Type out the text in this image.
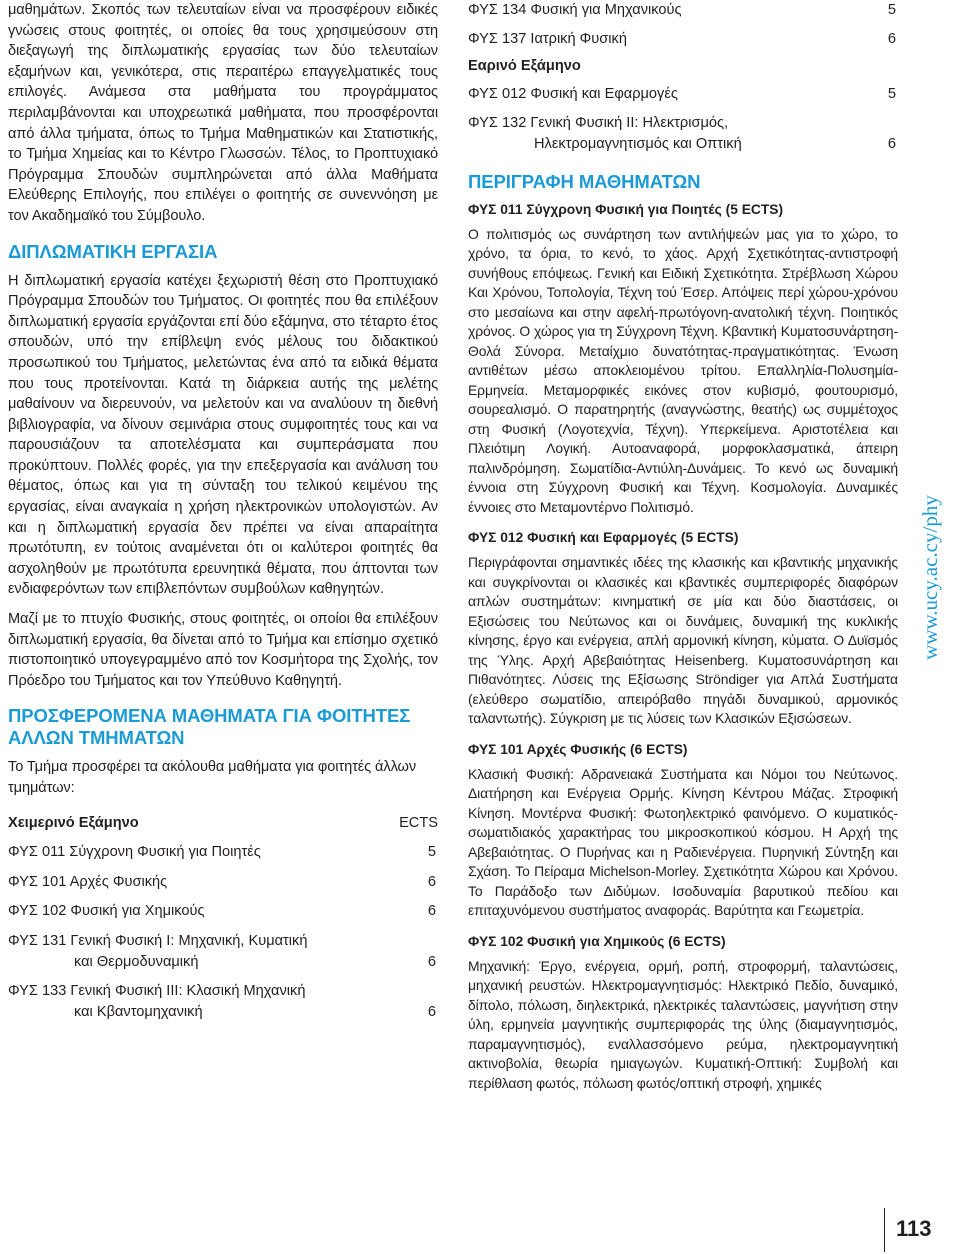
μαθημάτων. Σκοπός των τελευταίων είναι να προσφέρουν ειδικές γνώσεις στους φοιτητές, οι οποίες θα τους χρησιμεύσουν στη διεξαγωγή της διπλωματικής εργασίας των δύο τελευταίων εξαμήνων και, γενικότερα, στις περαιτέρω επαγγελματικές τους επιλογές. Ανάμεσα στα μαθήματα του προγράμματος περιλαμβάνονται και υποχρεωτικά μαθήματα, που προσφέρονται από άλλα τμήματα, όπως το Τμήμα Μαθηματικών και Στατιστικής, το Τμήμα Χημείας και το Κέντρο Γλωσσών. Τέλος, το Προπτυχιακό Πρόγραμμα Σπουδών συμπληρώνεται από άλλα Μαθήματα Ελεύθερης Επιλογής, που επιλέγει ο φοιτητής σε συνεννόηση με τον Ακαδημαϊκό του Σύμβουλο.

ΔΙΠΛΩΜΑΤΙΚΗ ΕΡΓΑΣΙΑ

Η διπλωματική εργασία κατέχει ξεχωριστή θέση στο Προπτυχιακό Πρόγραμμα Σπουδών του Τμήματος. Οι φοιτητές που θα επιλέξουν διπλωματική εργασία εργάζονται επί δύο εξάμηνα, στο τέταρτο έτος σπουδών, υπό την επίβλεψη ενός μέλους του διδακτικού προσωπικού του Τμήματος, μελετώντας ένα από τα ειδικά θέματα που τους προτείνονται. Κατά τη διάρκεια αυτής της μελέτης μαθαίνουν να διερευνούν, να μελετούν και να αναλύουν τη διεθνή βιβλιογραφία, να δίνουν σεμινάρια στους συμφοιτητές τους και να παρουσιάζουν τα αποτελέσματα και συμπεράσματα που προκύπτουν. Πολλές φορές, για την επεξεργασία και ανάλυση του θέματος, όπως και για τη σύνταξη του τελικού κειμένου της εργασίας, είναι αναγκαία η χρήση ηλεκτρονικών υπολογιστών. Αν και η διπλωματική εργασία δεν πρέπει να είναι απαραίτητα πρωτότυπη, εν τούτοις αναμένεται ότι οι καλύτεροι φοιτητές θα ασχοληθούν με πρωτότυπα ερευνητικά θέματα, που άπτονται των ενδιαφερόντων των επιβλεπόντων συμβούλων καθηγητών.

Μαζί με το πτυχίο Φυσικής, στους φοιτητές, οι οποίοι θα επιλέξουν διπλωματική εργασία, θα δίνεται από το Τμήμα και επίσημο σχετικό πιστοποιητικό υπογεγραμμένο από τον Κοσμήτορα της Σχολής, τον Πρόεδρο του Τμήματος και τον Υπεύθυνο Καθηγητή.

ΠΡΟΣΦΕΡΟΜΕΝΑ ΜΑΘΗΜΑΤΑ ΓΙΑ ΦΟΙΤΗΤΕΣ ΑΛΛΩΝ ΤΜΗΜΑΤΩΝ

Το Τμήμα προσφέρει τα ακόλουθα μαθήματα για φοιτητές άλλων τμημάτων:

Χειμερινό Εξάμηνο	ECTS
ΦΥΣ 011 Σύγχρονη Φυσική για Ποιητές	5
ΦΥΣ 101 Αρχές Φυσικής	6
ΦΥΣ 102 Φυσική για Χημικούς	6
ΦΥΣ 131 Γενική Φυσική Ι: Μηχανική, Κυματική
και Θερμοδυναμική	6
ΦΥΣ 133 Γενική Φυσική ΙΙΙ: Κλασική Μηχανική
και Κβαντομηχανική	6
ΦΥΣ 134 Φυσική για Μηχανικούς	5
ΦΥΣ 137 Ιατρική Φυσική	6
Εαρινό Εξάμηνο
ΦΥΣ 012 Φυσική και Εφαρμογές	5
ΦΥΣ 132 Γενική Φυσική ΙΙ: Ηλεκτρισμός,
Ηλεκτρομαγνητισμός και Οπτική	6
ΠΕΡΙΓΡΑΦΗ ΜΑΘΗΜΑΤΩΝ
ΦΥΣ 011 Σύγχρονη Φυσική για Ποιητές (5 ECTS)

Ο πολιτισμός ως συνάρτηση των αντιλήψεών μας για το χώρο, το χρόνο, τα όρια, το κενό, το χάος. Αρχή Σχετικότητας-αντιστροφή συνήθους επόψεως. Γενική και Ειδική Σχετικότητα. Στρέβλωση Χώρου Και Χρόνου, Τοπολογία, Τέχνη τού Έσερ. Απόψεις περί χώρου-χρόνου στο μεσαίωνα και στην αφελή-πρωτόγονη-ανατολική τέχνη. Ποιητικός χρόνος. Ο χώρος για τη Σύγχρονη Τέχνη. Κβαντική Κυματοσυνάρτηση-Θολά Σύνορα. Μεταίχμιο δυνατότητας-πραγματικότητας. Ένωση αντιθέτων μέσω αποκλειομένου τρίτου. Επαλληλία-Πολυσημία-Ερμηνεία. Μεταμορφικές εικόνες στον κυβισμό, φουτουρισμό, σουρεαλισμό. Ο παρατηρητής (αναγνώστης, θεατής) ως συμμέτοχος στη Φυσική (Λογοτεχνία, Τέχνη). Υπερκείμενα. Αριστοτέλεια και Πλειότιμη Λογική. Αυτοαναφορά, μορφοκλασματικά, άπειρη παλινδρόμηση. Σωματίδια-Αντιύλη-Δυνάμεις. Το κενό ως δυναμική έννοια στη Σύγχρονη Φυσική και Τέχνη. Κοσμολογία. Δυναμικές έννοιες στο Μεταμοντέρνο Πολιτισμό.

ΦΥΣ 012 Φυσική και Εφαρμογές (5 ECTS)

Περιγράφονται σημαντικές ιδέες της κλασικής και κβαντικής μηχανικής και συγκρίνονται οι κλασικές και κβαντικές συμπεριφορές διαφόρων απλών συστημάτων: κινηματική σε μία και δύο διαστάσεις, οι Εξισώσεις του Νεύτωνος και οι δυνάμεις, δυναμική της κυκλικής κίνησης, έργο και ενέργεια, απλή αρμονική κίνηση, κύματα. Ο Δυϊσμός της Ύλης. Αρχή Αβεβαιότητας Heisenberg. Κυματοσυνάρτηση και Πιθανότητες. Λύσεις της Εξίσωσης Ströndiger για Απλά Συστήματα (ελεύθερο σωματίδιο, απειρόβαθο πηγάδι δυναμικού, αρμονικός ταλαντωτής). Σύγκριση με τις λύσεις των Κλασικών Εξισώσεων.

ΦΥΣ 101 Αρχές Φυσικής (6 ECTS)

Κλασική Φυσική: Αδρανειακά Συστήματα και Νόμοι του Νεύτωνος. Διατήρηση και Ενέργεια Ορμής. Κίνηση Κέντρου Μάζας. Στροφική Κίνηση. Μοντέρνα Φυσική: Φωτοηλεκτρικό φαινόμενο. Ο κυματικός-σωματιδιακός χαρακτήρας του μικροσκοπικού κόσμου. Η Αρχή της Αβεβαιότητας. Ο Πυρήνας και η Ραδιενέργεια. Πυρηνική Σύντηξη και Σχάση. Το Πείραμα Michelson-Morley. Σχετικότητα Χώρου και Χρόνου. Το Παράδοξο των Διδύμων. Ισοδυναμία βαρυτικού πεδίου και επιταχυνόμενου συστήματος αναφοράς. Βαρύτητα και Γεωμετρία.

ΦΥΣ 102 Φυσική για Χημικούς (6 ECTS)

Μηχανική: Έργο, ενέργεια, ορμή, ροπή, στροφορμή, ταλαντώσεις, μηχανική ρευστών. Ηλεκτρομαγνητισμός: Ηλεκτρικό Πεδίο, δυναμικό, δίπολο, πόλωση, διηλεκτρικά, ηλεκτρικές ταλαντώσεις, μαγνήτιση στην ύλη, ερμηνεία μαγνητικής συμπεριφοράς της ύλης (διαμαγνητισμός, παραμαγνητισμός), εναλλασσόμενο ρεύμα, ηλεκτρομαγνητική ακτινοβολία, θεωρία ημιαγωγών. Κυματική-Οπτική: Συμβολή και περίθλαση φωτός, πόλωση φωτός/οπτική στροφή, χημικές

www.ucy.ac.cy/phy
113
